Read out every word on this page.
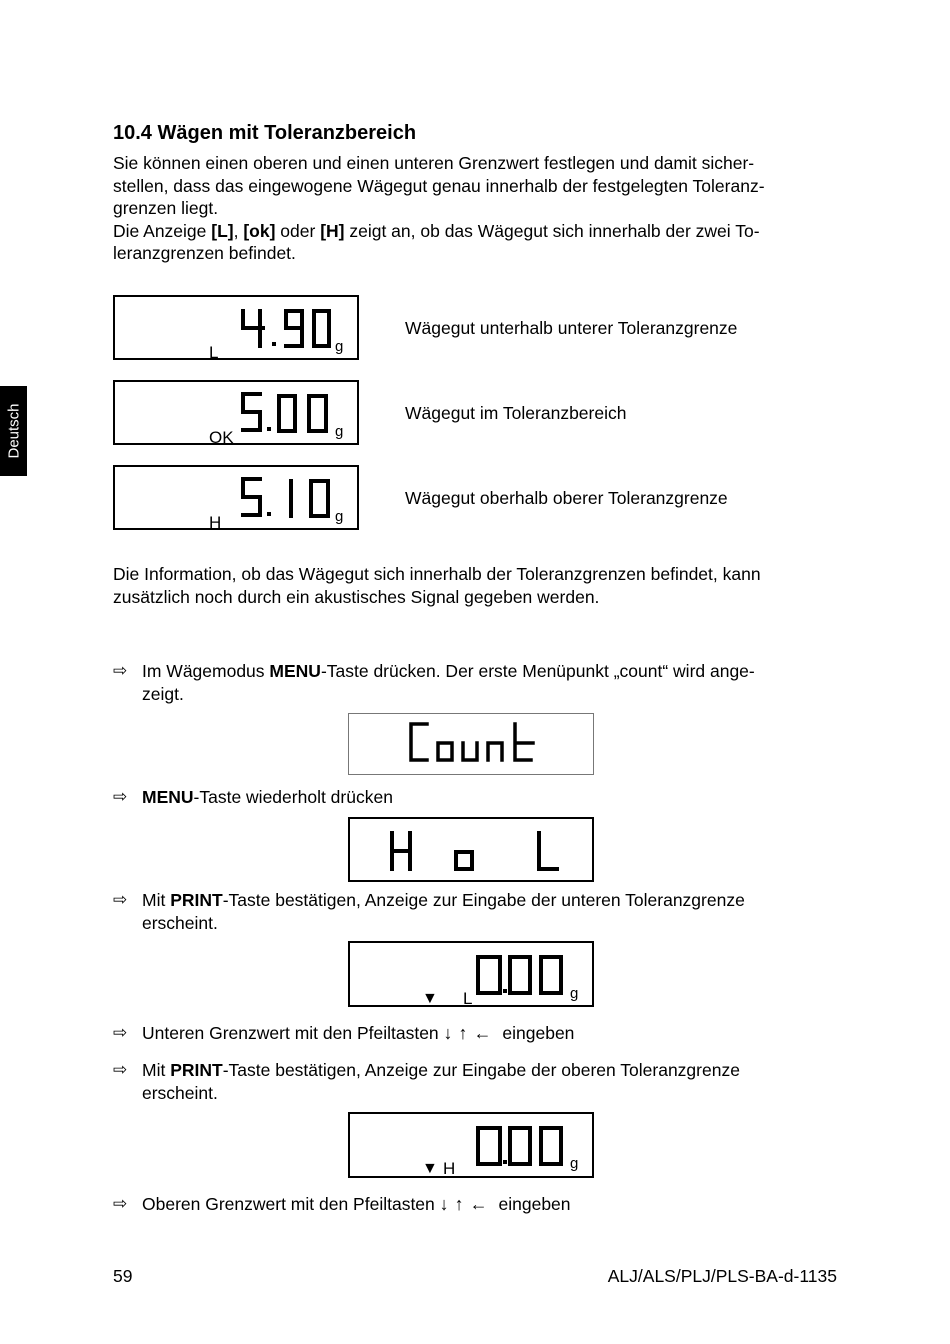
Deutsch
10.4 Wägen mit Toleranzbereich

Sie können einen oberen und einen unteren Grenzwert festlegen und damit sicher-
stellen, dass das eingewogene Wägegut genau innerhalb der festgelegten Toleranz-
grenzen liegt.
Die Anzeige [L], [ok] oder [H] zeigt an, ob das Wägegut sich innerhalb der zwei To-
leranzgrenzen befindet.

L	g
Wägegut unterhalb unterer Toleranzgrenze
OK	g
Wägegut im Toleranzbereich
H	g
Wägegut oberhalb oberer Toleranzgrenze

Die Information, ob das Wägegut sich innerhalb der Toleranzgrenzen befindet, kann
zusätzlich noch durch ein akustisches Signal gegeben werden.

⇨ Im Wägemodus MENU-Taste drücken. Der erste Menüpunkt „count“ wird ange-
zeigt.
⇨ MENU-Taste wiederholt drücken
⇨ Mit PRINT-Taste bestätigen, Anzeige zur Eingabe der unteren Toleranzgrenze
erscheint.
▼ L	g
⇨ Unteren Grenzwert mit den Pfeiltasten ↓↑← eingeben
⇨ Mit PRINT-Taste bestätigen, Anzeige zur Eingabe der oberen Toleranzgrenze
erscheint.
▼ H	g
⇨ Oberen Grenzwert mit den Pfeiltasten ↓↑← eingeben
59	ALJ/ALS/PLJ/PLS-BA-d-1135
